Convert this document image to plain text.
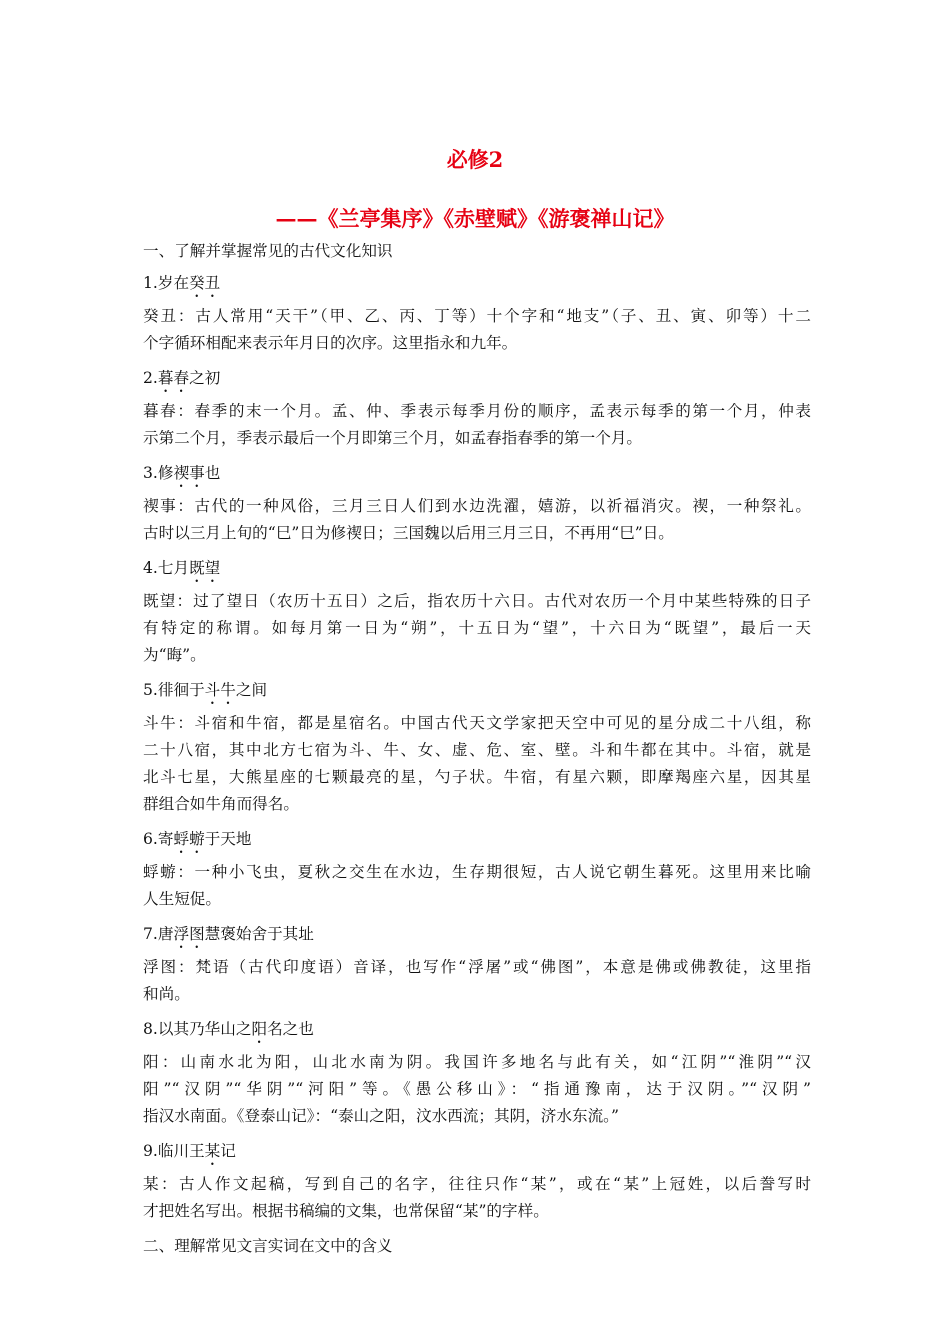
必修2
——《兰亭集序》《赤壁赋》《游褒禅山记》
一、了解并掌握常见的古代文化知识
1.岁在癸丑
癸丑：古人常用“天干”（甲、乙、丙、丁等）十个字和“地支”（子、丑、寅、卯等）十二
个字循环相配来表示年月日的次序。这里指永和九年。
2.暮春之初
暮春：春季的末一个月。孟、仲、季表示每季月份的顺序，孟表示每季的第一个月，仲表
示第二个月，季表示最后一个月即第三个月，如孟春指春季的第一个月。
3.修禊事也
禊事：古代的一种风俗，三月三日人们到水边洗濯，嬉游，以祈福消灾。禊，一种祭礼。
古时以三月上旬的“巳”日为修禊日；三国魏以后用三月三日，不再用“巳”日。
4.七月既望
既望：过了望日（农历十五日）之后，指农历十六日。古代对农历一个月中某些特殊的日子
有特定的称谓。如每月第一日为“朔”，十五日为“望”，十六日为“既望”，最后一天
为“晦”。
5.徘徊于斗牛之间
斗牛：斗宿和牛宿，都是星宿名。中国古代天文学家把天空中可见的星分成二十八组，称
二十八宿，其中北方七宿为斗、牛、女、虚、危、室、壁。斗和牛都在其中。斗宿，就是
北斗七星，大熊星座的七颗最亮的星，勺子状。牛宿，有星六颗，即摩羯座六星，因其星
群组合如牛角而得名。
6.寄蜉蝣于天地
蜉蝣：一种小飞虫，夏秋之交生在水边，生存期很短，古人说它朝生暮死。这里用来比喻
人生短促。
7.唐浮图慧褒始舍于其址
浮图：梵语（古代印度语）音译，也写作“浮屠”或“佛图”，本意是佛或佛教徒，这里指
和尚。
8.以其乃华山之阳名之也
阳：山南水北为阳，山北水南为阴。我国许多地名与此有关，如“江阴”“淮阴”“汉
阳”“汉阴”“华阴”“河阳”等。《愚公移山》：“指通豫南，达于汉阴。”“汉阴”
指汉水南面。《登泰山记》：“泰山之阳，汶水西流；其阴，济水东流。”
9.临川王某记
某：古人作文起稿，写到自己的名字，往往只作“某”，或在“某”上冠姓，以后誊写时
才把姓名写出。根据书稿编的文集，也常保留“某”的字样。
二、理解常见文言实词在文中的含义
